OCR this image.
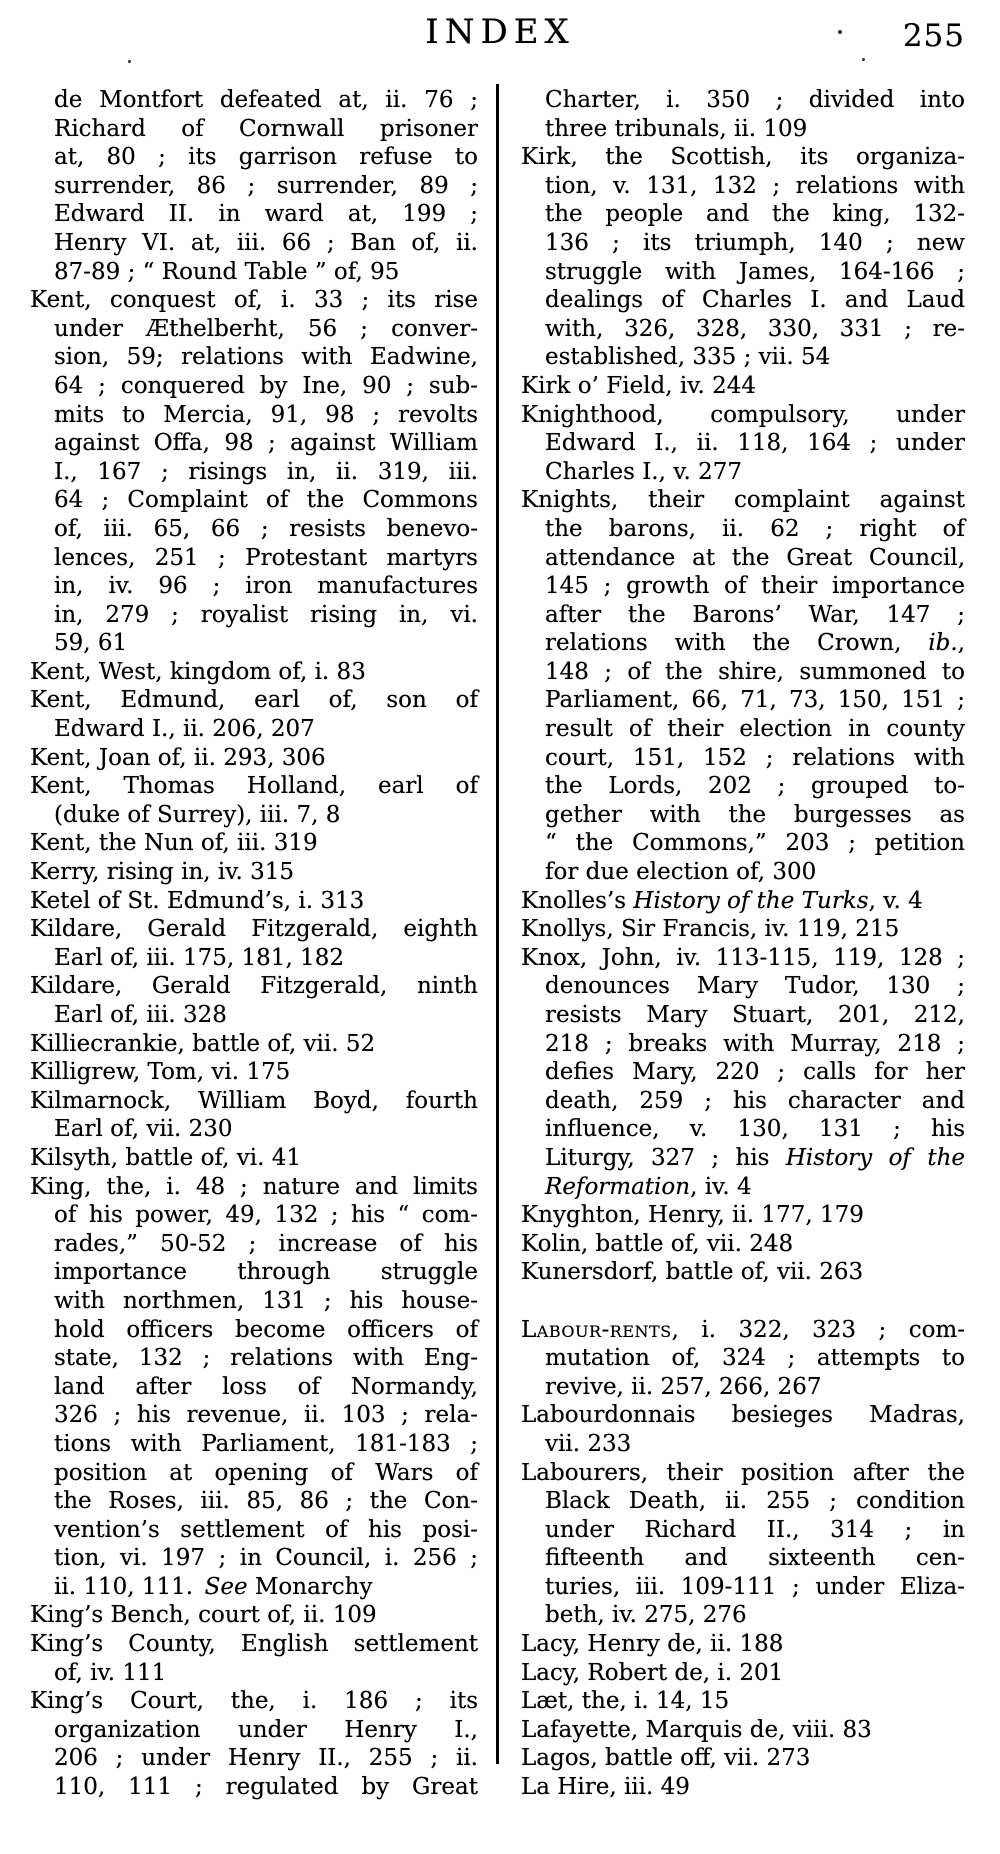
INDEX	255
de Montfort defeated at, ii. 76 ;
Richard of Cornwall prisoner
at, 80 ; its garrison refuse to
surrender, 86 ; surrender, 89 ;
Edward II. in ward at, 199 ;
Henry VI. at, iii. 66 ; Ban of, ii.
87-89 ; “ Round Table ” of, 95
Kent, conquest of, i. 33 ; its rise
under Æthelberht, 56 ; conver-
sion, 59; relations with Eadwine,
64 ; conquered by Ine, 90 ; sub-
mits to Mercia, 91, 98 ; revolts
against Offa, 98 ; against William
I., 167 ; risings in, ii. 319, iii.
64 ; Complaint of the Commons
of, iii. 65, 66 ; resists benevo-
lences, 251 ; Protestant martyrs
in, iv. 96 ; iron manufactures
in, 279 ; royalist rising in, vi.
59, 61
Kent, West, kingdom of, i. 83
Kent, Edmund, earl of, son of
Edward I., ii. 206, 207
Kent, Joan of, ii. 293, 306
Kent, Thomas Holland, earl of
(duke of Surrey), iii. 7, 8
Kent, the Nun of, iii. 319
Kerry, rising in, iv. 315
Ketel of St. Edmund’s, i. 313
Kildare, Gerald Fitzgerald, eighth
Earl of, iii. 175, 181, 182
Kildare, Gerald Fitzgerald, ninth
Earl of, iii. 328
Killiecrankie, battle of, vii. 52
Killigrew, Tom, vi. 175
Kilmarnock, William Boyd, fourth
Earl of, vii. 230
Kilsyth, battle of, vi. 41
King, the, i. 48 ; nature and limits
of his power, 49, 132 ; his “ com-
rades,” 50-52 ; increase of his
importance through struggle
with northmen, 131 ; his house-
hold officers become officers of
state, 132 ; relations with Eng-
land after loss of Normandy,
326 ; his revenue, ii. 103 ; rela-
tions with Parliament, 181-183 ;
position at opening of Wars of
the Roses, iii. 85, 86 ; the Con-
vention’s settlement of his posi-
tion, vi. 197 ; in Council, i. 256 ;
ii. 110, 111. See Monarchy
King’s Bench, court of, ii. 109
King’s County, English settlement
of, iv. 111
King’s Court, the, i. 186 ; its
organization under Henry I.,
206 ; under Henry II., 255 ; ii.
110, 111 ; regulated by Great
Charter, i. 350 ; divided into
three tribunals, ii. 109
Kirk, the Scottish, its organiza-
tion, v. 131, 132 ; relations with
the people and the king, 132-
136 ; its triumph, 140 ; new
struggle with James, 164-166 ;
dealings of Charles I. and Laud
with, 326, 328, 330, 331 ; re-
established, 335 ; vii. 54
Kirk o’ Field, iv. 244
Knighthood, compulsory, under
Edward I., ii. 118, 164 ; under
Charles I., v. 277
Knights, their complaint against
the barons, ii. 62 ; right of
attendance at the Great Council,
145 ; growth of their importance
after the Barons’ War, 147 ;
relations with the Crown, ib.,
148 ; of the shire, summoned to
Parliament, 66, 71, 73, 150, 151 ;
result of their election in county
court, 151, 152 ; relations with
the Lords, 202 ; grouped to-
gether with the burgesses as
“ the Commons,” 203 ; petition
for due election of, 300
Knolles’s History of the Turks, v. 4
Knollys, Sir Francis, iv. 119, 215
Knox, John, iv. 113-115, 119, 128 ;
denounces Mary Tudor, 130 ;
resists Mary Stuart, 201, 212,
218 ; breaks with Murray, 218 ;
defies Mary, 220 ; calls for her
death, 259 ; his character and
influence, v. 130, 131 ; his
Liturgy, 327 ; his History of the
Reformation, iv. 4
Knyghton, Henry, ii. 177, 179
Kolin, battle of, vii. 248
Kunersdorf, battle of, vii. 263
Labour-rents, i. 322, 323 ; com-
mutation of, 324 ; attempts to
revive, ii. 257, 266, 267
Labourdonnais besieges Madras,
vii. 233
Labourers, their position after the
Black Death, ii. 255 ; condition
under Richard II., 314 ; in
fifteenth and sixteenth cen-
turies, iii. 109-111 ; under Eliza-
beth, iv. 275, 276
Lacy, Henry de, ii. 188
Lacy, Robert de, i. 201
Læt, the, i. 14, 15
Lafayette, Marquis de, viii. 83
Lagos, battle off, vii. 273
La Hire, iii. 49
